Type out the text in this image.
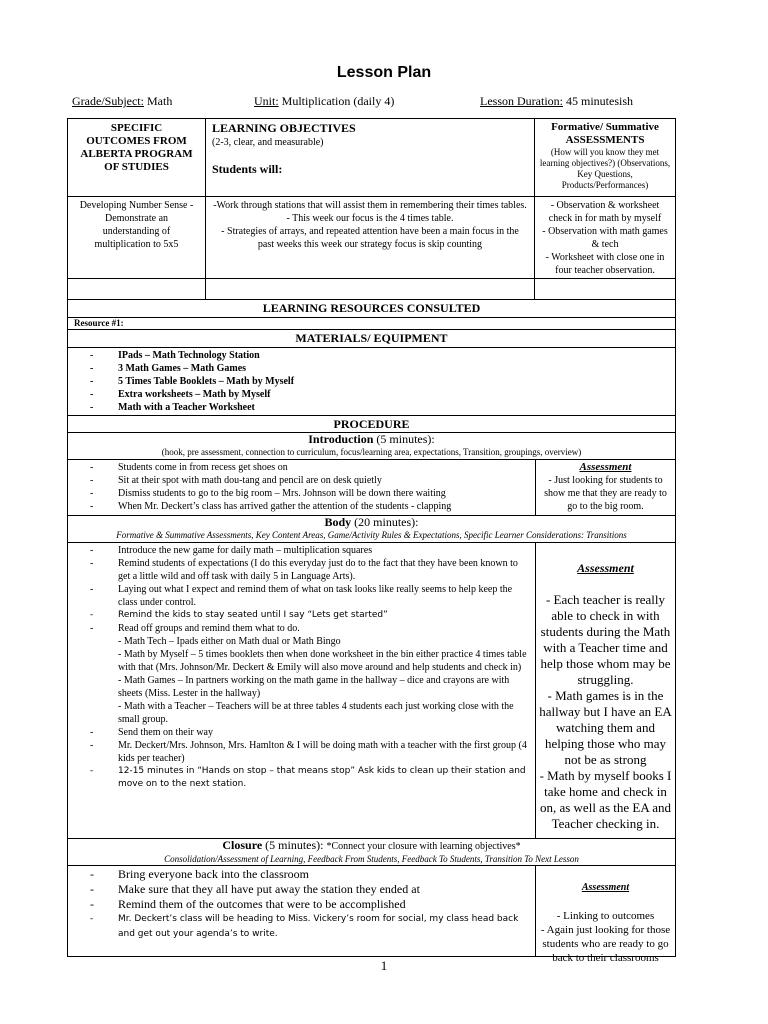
Lesson Plan
Grade/Subject: Math	Unit: Multiplication (daily 4)	Lesson Duration: 45 minutesish
SPECIFIC OUTCOMES FROM ALBERTA PROGRAM OF STUDIES
LEARNING OBJECTIVES
(2-3, clear, and measurable)
Students will:
Formative/ Summative
ASSESSMENTS
(How will you know they met learning objectives?) (Observations, Key Questions, Products/Performances)
Developing Number Sense - Demonstrate an understanding of multiplication to 5x5
-Work through stations that will assist them in remembering their times tables.
- This week our focus is the 4 times table.
- Strategies of arrays, and repeated attention have been a main focus in the past weeks this week our strategy focus is skip counting
- Observation & worksheet check in for math by myself
- Observation with math games & tech
- Worksheet with close one in four teacher observation.
LEARNING RESOURCES CONSULTED
Resource #1:
MATERIALS/ EQUIPMENT
- IPads – Math Technology Station
- 3 Math Games – Math Games
- 5 Times Table Booklets – Math by Myself
- Extra worksheets – Math by Myself
- Math with a Teacher Worksheet
PROCEDURE
Introduction (5 minutes):
(hook, pre assessment, connection to curriculum, focus/learning area, expectations, Transition, groupings, overview)
- Students come in from recess get shoes on
- Sit at their spot with math dou-tang and pencil are on desk quietly
- Dismiss students to go to the big room – Mrs. Johnson will be down there waiting
- When Mr. Deckert’s class has arrived gather the attention of the students - clapping
Assessment
- Just looking for students to show me that they are ready to go to the big room.
Body (20 minutes):
Formative & Summative Assessments, Key Content Areas, Game/Activity Rules & Expectations, Specific Learner Considerations: Transitions
- Introduce the new game for daily math – multiplication squares
- Remind students of expectations (I do this everyday just do to the fact that they have been known to get a little wild and off task with daily 5 in Language Arts).
- Laying out what I expect and remind them of what on task looks like really seems to help keep the class under control.
- Remind the kids to stay seated until I say “Lets get started”
- Read off groups and remind them what to do.
- Math Tech – Ipads either on Math dual or Math Bingo
- Math by Myself – 5 times booklets then when done worksheet in the bin either practice 4 times table with that (Mrs. Johnson/Mr. Deckert & Emily will also move around and help students and check in)
- Math Games – In partners working on the math game in the hallway – dice and crayons are with sheets (Miss. Lester in the hallway)
- Math with a Teacher – Teachers will be at three tables 4 students each just working close with the small group.
- Send them on their way
- Mr. Deckert/Mrs. Johnson, Mrs. Hamlton & I will be doing math with a teacher with the first group (4 kids per teacher)
- 12-15 minutes in “Hands on stop – that means stop” Ask kids to clean up their station and move on to the next station.

Assessment

- Each teacher is really able to check in with students during the Math with a Teacher time and help those whom may be struggling.
- Math games is in the hallway but I have an EA watching them and helping those who may not be as strong
- Math by myself books I take home and check in on, as well as the EA and Teacher checking in.

Closure (5 minutes): *Connect your closure with learning objectives*
Consolidation/Assessment of Learning, Feedback From Students, Feedback To Students, Transition To Next Lesson
- Bring everyone back into the classroom
- Make sure that they all have put away the station they ended at
- Remind them of the outcomes that were to be accomplished
- Mr. Deckert’s class will be heading to Miss. Vickery’s room for social, my class head back and get out your agenda’s to write.

Assessment

- Linking to outcomes
- Again just looking for those students who are ready to go back to their classrooms

1
